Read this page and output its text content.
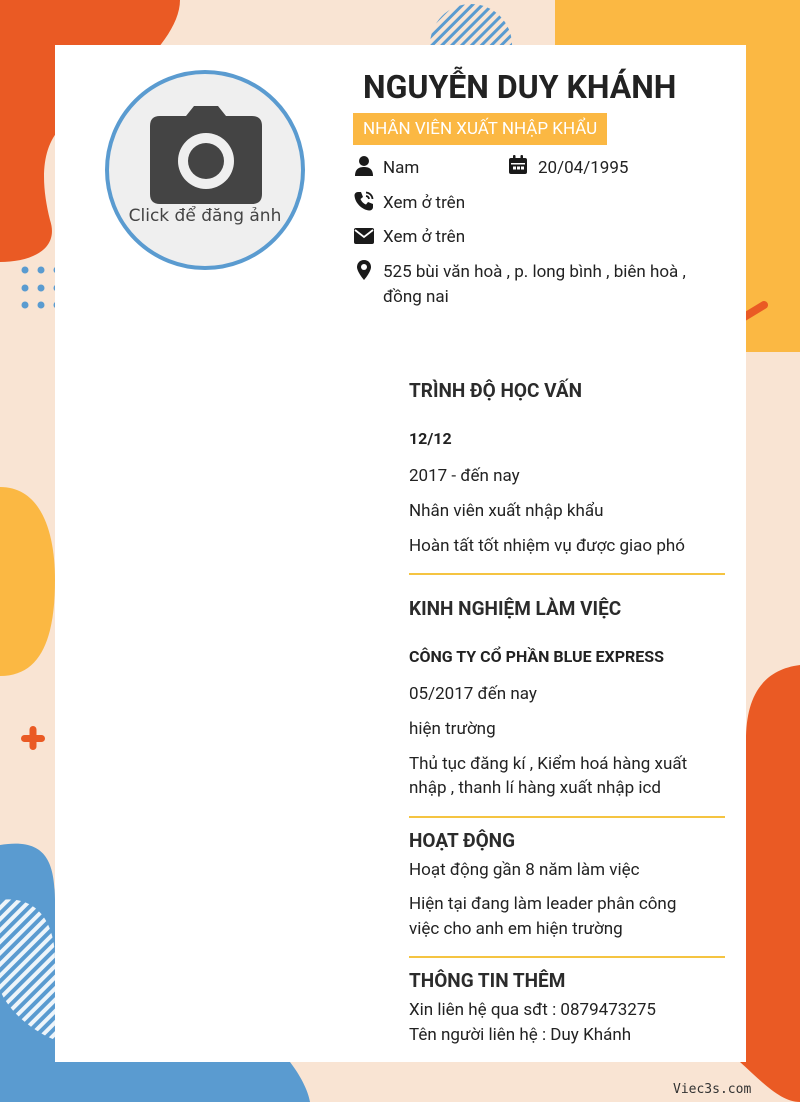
Click để đăng ảnh
NGUYỄN DUY KHÁNH
NHÂN VIÊN XUẤT NHẬP KHẨU
Nam	20/04/1995
Xem ở trên
Xem ở trên
525 bùi văn hoà , p. long bình , biên hoà ,
đồng nai
TRÌNH ĐỘ HỌC VẤN
12/12
2017 - đến nay
Nhân viên xuất nhập khẩu
Hoàn tất tốt nhiệm vụ được giao phó
KINH NGHIỆM LÀM VIỆC
CÔNG TY CỔ PHẦN BLUE EXPRESS
05/2017 đến nay
hiện trường
Thủ tục đăng kí , Kiểm hoá hàng xuất
nhập , thanh lí hàng xuất nhập icd
HOẠT ĐỘNG
Hoạt động gần 8 năm làm việc
Hiện tại đang làm leader phân công
việc cho anh em hiện trường
THÔNG TIN THÊM
Xin liên hệ qua sđt : 0879473275
Tên người liên hệ : Duy Khánh
Viec3s.com
